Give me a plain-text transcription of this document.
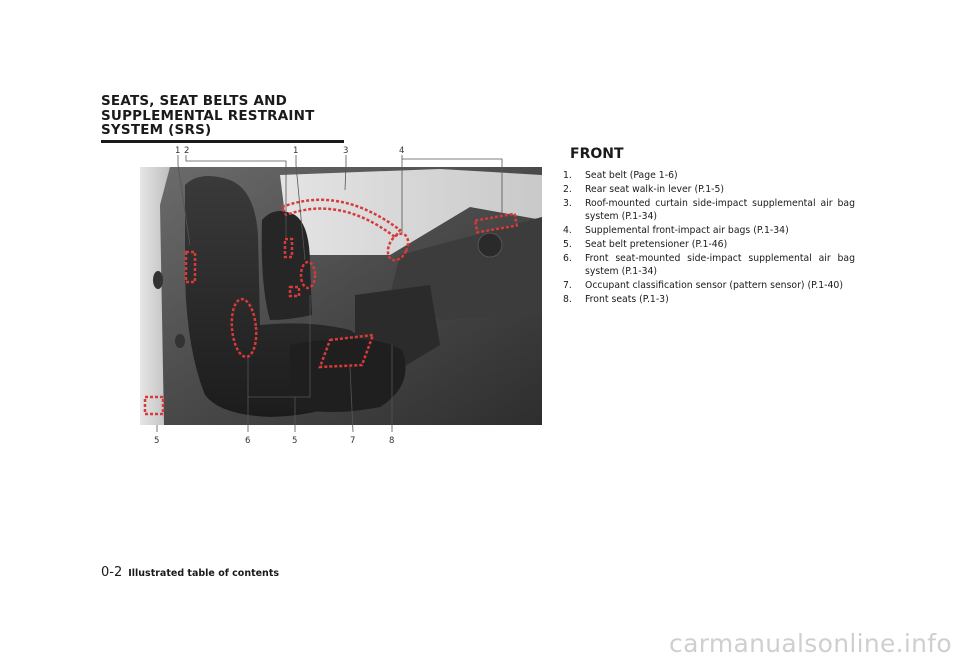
SEATS, SEAT BELTS AND
SUPPLEMENTAL RESTRAINT
SYSTEM (SRS)
1 2	1	3	4
5	6	5	7	8
FRONT
1.	Seat belt (Page 1-6)
2.	Rear seat walk-in lever (P.1-5)
3.	Roof-mounted curtain side-impact supplemental air bag system (P.1-34)
4.	Supplemental front-impact air bags (P.1-34)
5.	Seat belt pretensioner (P.1-46)
6.	Front seat-mounted side-impact supplemental air bag system (P.1-34)
7.	Occupant classification sensor (pattern sensor) (P.1-40)
8.	Front seats (P.1-3)
0-2 Illustrated table of contents
carmanualsonline.info
